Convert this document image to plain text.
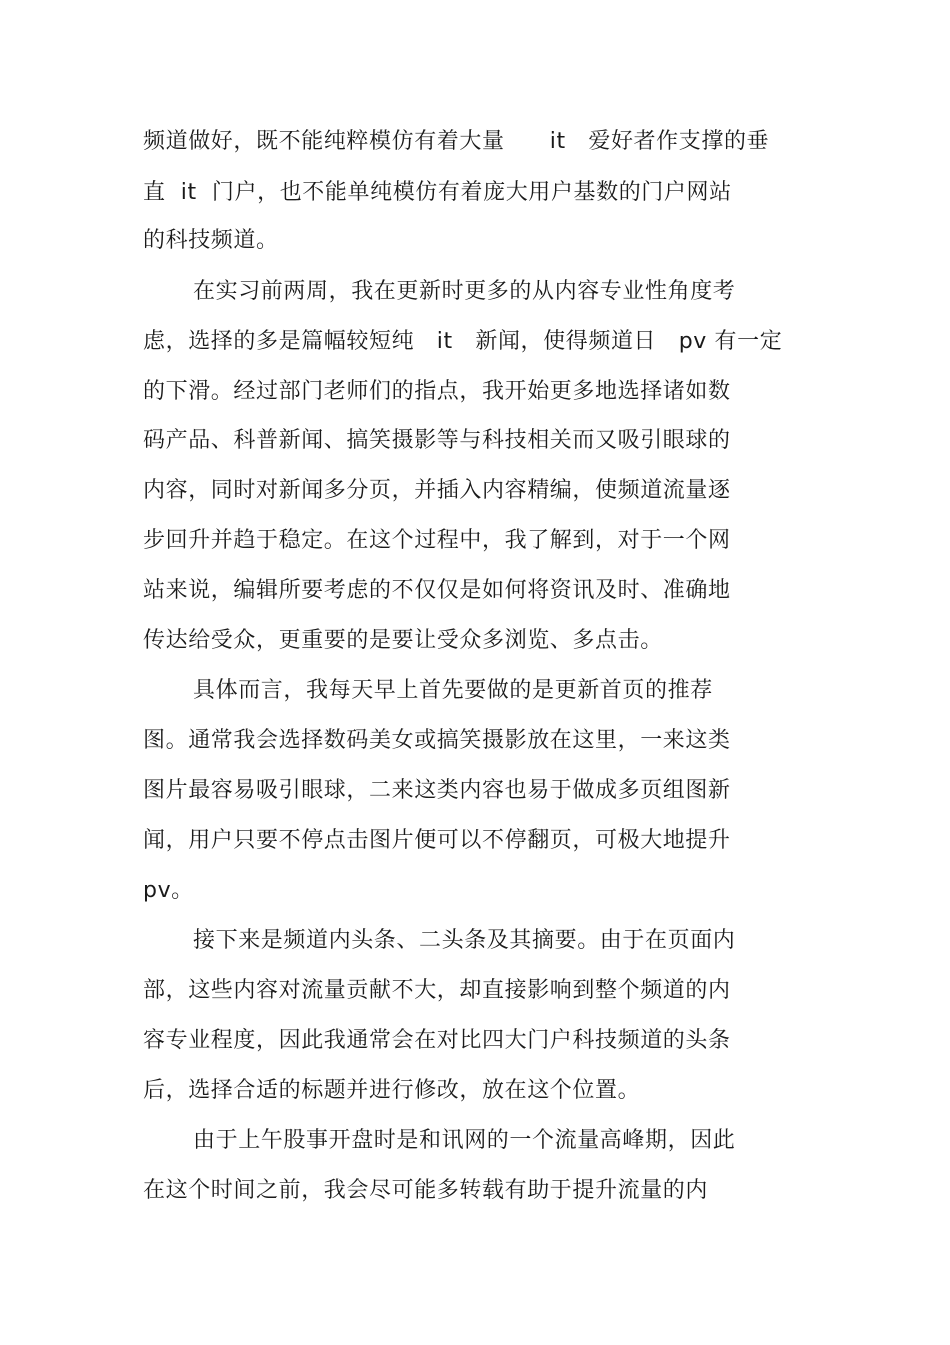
频道做好，既不能纯粹模仿有着大量　　it　爱好者作支撑的垂
直  it  门户，也不能单纯模仿有着庞大用户基数的门户网站
的科技频道。
在实习前两周，我在更新时更多的从内容专业性角度考
虑，选择的多是篇幅较短纯　it　新闻，使得频道日　pv 有一定
的下滑。经过部门老师们的指点，我开始更多地选择诸如数
码产品、科普新闻、搞笑摄影等与科技相关而又吸引眼球的
内容，同时对新闻多分页，并插入内容精编，使频道流量逐
步回升并趋于稳定。在这个过程中，我了解到，对于一个网
站来说，编辑所要考虑的不仅仅是如何将资讯及时、准确地
传达给受众，更重要的是要让受众多浏览、多点击。
具体而言，我每天早上首先要做的是更新首页的推荐
图。通常我会选择数码美女或搞笑摄影放在这里，一来这类
图片最容易吸引眼球，二来这类内容也易于做成多页组图新
闻，用户只要不停点击图片便可以不停翻页，可极大地提升
pv。
接下来是频道内头条、二头条及其摘要。由于在页面内
部，这些内容对流量贡献不大，却直接影响到整个频道的内
容专业程度，因此我通常会在对比四大门户科技频道的头条
后，选择合适的标题并进行修改，放在这个位置。
由于上午股事开盘时是和讯网的一个流量高峰期，因此
在这个时间之前，我会尽可能多转载有助于提升流量的内
